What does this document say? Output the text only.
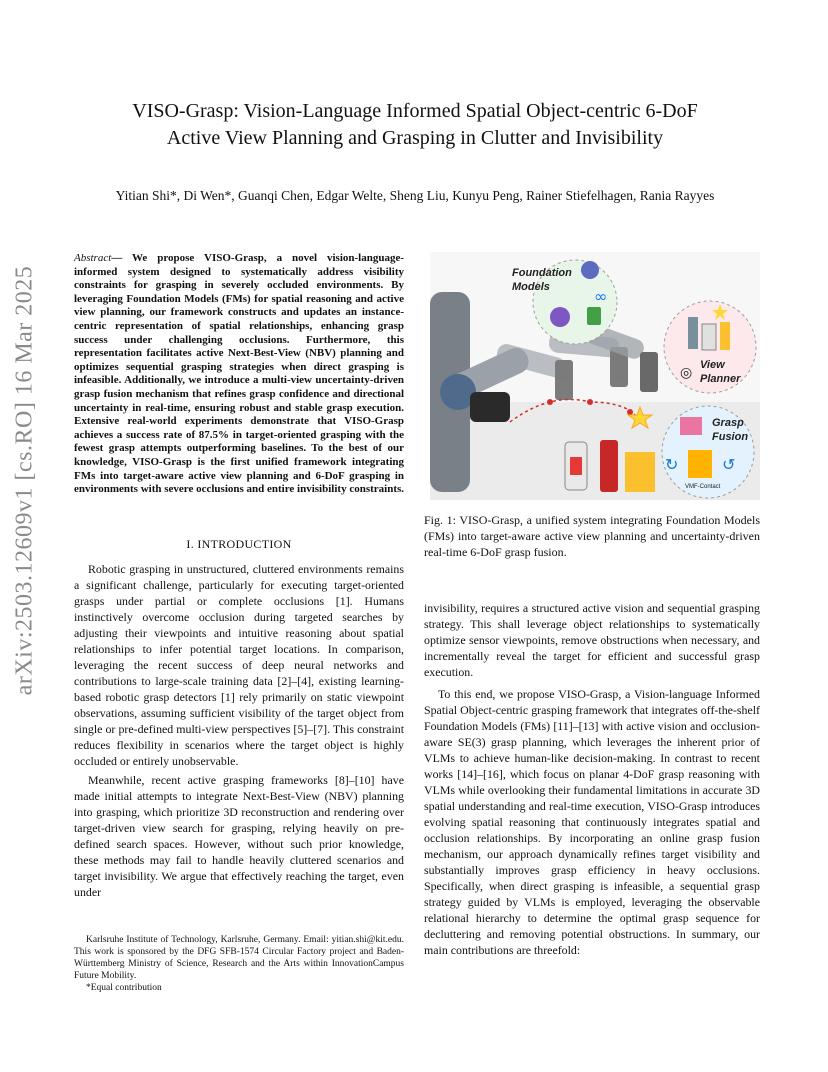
arXiv:2503.12609v1 [cs.RO] 16 Mar 2025
VISO-Grasp: Vision-Language Informed Spatial Object-centric 6-DoF
Active View Planning and Grasping in Clutter and Invisibility

Yitian Shi*, Di Wen*, Guanqi Chen, Edgar Welte, Sheng Liu, Kunyu Peng, Rainer Stiefelhagen, Rania Rayyes

Abstract— We propose VISO-Grasp, a novel vision-language-informed system designed to systematically address visibility constraints for grasping in severely occluded environments. By leveraging Foundation Models (FMs) for spatial reasoning and active view planning, our framework constructs and updates an instance-centric representation of spatial relationships, enhancing grasp success under challenging occlusions. Furthermore, this representation facilitates active Next-Best-View (NBV) planning and optimizes sequential grasping strategies when direct grasping is infeasible. Additionally, we introduce a multi-view uncertainty-driven grasp fusion mechanism that refines grasp confidence and directional uncertainty in real-time, ensuring robust and stable grasp execution. Extensive real-world experiments demonstrate that VISO-Grasp achieves a success rate of 87.5% in target-oriented grasping with the fewest grasp attempts outperforming baselines. To the best of our knowledge, VISO-Grasp is the first unified framework integrating FMs into target-aware active view planning and 6-DoF grasping in environments with severe occlusions and entire invisibility constraints.

I. INTRODUCTION

Robotic grasping in unstructured, cluttered environments remains a significant challenge, particularly for executing target-oriented grasps under partial or complete occlusions [1]. Humans instinctively overcome occlusion during targeted searches by adjusting their viewpoints and intuitive reasoning about spatial relationships to infer potential target locations. In comparison, leveraging the recent success of deep neural networks and contributions to large-scale training data [2]–[4], existing learning-based robotic grasp detectors [1] rely primarily on static viewpoint observations, assuming sufficient visibility of the target object from single or pre-defined multi-view perspectives [5]–[7]. This constraint reduces flexibility in scenarios where the target object is highly occluded or entirely unobservable.

Meanwhile, recent active grasping frameworks [8]–[10] have made initial attempts to integrate Next-Best-View (NBV) planning into grasping, which prioritize 3D reconstruction and rendering over target-driven view search for grasping, relying heavily on pre-defined search spaces. However, without such prior knowledge, these methods may fail to handle heavily cluttered scenarios and target invisibility. We argue that effectively reaching the target, even under

Karlsruhe Institute of Technology, Karlsruhe, Germany. Email: yitian.shi@kit.edu. This work is sponsored by the DFG SFB-1574 Circular Factory project and Baden-Württemberg Ministry of Science, Research and the Arts within InnovationCampus Future Mobility.

*Equal contribution

Foundation
Models	∞
◎ View
Planner
Grasp
Fusion
↻	↺
VMF-Contact

Fig. 1: VISO-Grasp, a unified system integrating Foundation Models (FMs) into target-aware active view planning and uncertainty-driven real-time 6-DoF grasp fusion.

invisibility, requires a structured active vision and sequential grasping strategy. This shall leverage object relationships to systematically optimize sensor viewpoints, remove obstructions when necessary, and incrementally reveal the target for efficient and successful grasp execution.

To this end, we propose VISO-Grasp, a Vision-language Informed Spatial Object-centric grasping framework that integrates off-the-shelf Foundation Models (FMs) [11]–[13] with active vision and occlusion-aware SE(3) grasp planning, which leverages the inherent prior of VLMs to achieve human-like decision-making. In contrast to recent works [14]–[16], which focus on planar 4-DoF grasp reasoning with VLMs while overlooking their fundamental limitations in accurate 3D spatial understanding and real-time execution, VISO-Grasp introduces evolving spatial reasoning that continuously integrates spatial and occlusion relationships. By incorporating an online grasp fusion mechanism, our approach dynamically refines target visibility and substantially improves grasp efficiency in heavy occlusions. Specifically, when direct grasping is infeasible, a sequential grasp strategy guided by VLMs is employed, leveraging the observable relational hierarchy to determine the optimal grasp sequence for decluttering and removing potential obstructions. In summary, our main contributions are threefold:
